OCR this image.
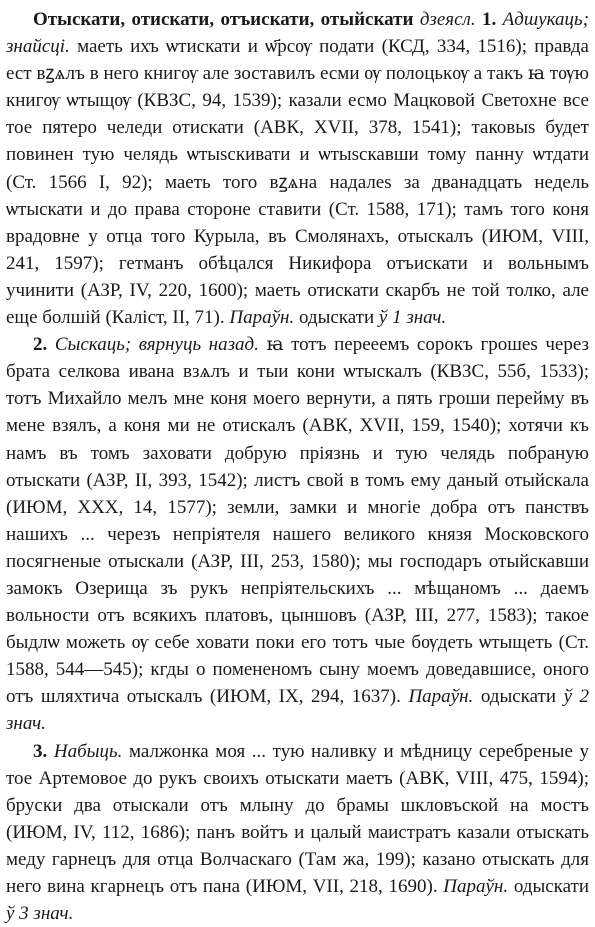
Отыскати, отискати, отъискати, отыйскати дзеясл. 1. Адшукаць; знайсці. маеть ихъ ѡтискати и ѡ҃рсѹ подати (КСД, 334, 1516); правда ест вꙁѧлъ в него книгѹ але зоставилъ есми ѹ полоцькѹ а такъ ꙗ тѹю книгѹ ѡтыщѹ (КВЗС, 94, 1539); казали есмо Мацковой Светохне все тое пятеро челеди отискати (АВК, XVII, 378, 1541); таковыs будет повинен тую челядь ѡтыsскивати и ѡтыsскавши тому панну ѡтдати (Ст. 1566 I, 92); маеть того вꙁѧна надалеs за дванадцать недель ѡтыскати и до права стороне ставити (Ст. 1588, 171); тамъ того коня врадовне у отца того Курыла, въ Смолянахъ, отыскалъ (ИЮМ, VIII, 241, 1597); гетманъ обѣцался Никифора отъискати и вольнымъ учинити (АЗР, IV, 220, 1600); маеть отискати скарбъ не той толко, але еще болшій (Каліст, II, 71). Параўн. одыскати ў 1 знач.

2. Сыскаць; вярнуць назад. ꙗ тотъ перееемъ сорокъ грошеs через брата селкова ивана взѧлъ и тыи кони ѡтыскалъ (КВЗС, 55б, 1533); тотъ Михайло мелъ мне коня моего вернути, а пять гроши перейму въ мене взялъ, а коня ми не отискалъ (АВК, XVII, 159, 1540); хотячи къ намъ въ томъ заховати добрую пріязнь и тую челядь побраную отыскати (АЗР, II, 393, 1542); листъ свой в томъ ему даный отыйскала (ИЮМ, XXX, 14, 1577); земли, замки и многіе добра отъ панствъ нашихъ ... черезъ непріятеля нашего великого князя Московского посягненые отыскали (АЗР, III, 253, 1580); мы господаръ отыйскавши замокъ Озерища зъ рукъ непріятельскихъ ... мѣщаномъ ... даемъ вольности отъ всякихъ платовъ, цыншовъ (АЗР, III, 277, 1583); такое быдлѡ можеть ѹ себе ховати поки его тотъ чые бѹдеть ѡтыщеть (Ст. 1588, 544—545); кгды о помененомъ сыну моемъ доведавшисе, оного отъ шляхтича отыскалъ (ИЮМ, IX, 294, 1637). Параўн. одыскати ў 2 знач.

3. Набыць. малжонка моя ... тую наливку и мѣдницу серебреные у тое Артемовое до рукъ своихъ отыскати маетъ (АВК, VIII, 475, 1594); бруски два отыскали отъ млыну до брамы шкловъской на мостъ (ИЮМ, IV, 112, 1686); панъ войтъ и цалый маистратъ казали отыскать меду гарнецъ для отца Волчаскаго (Там жа, 199); казано отыскать для него вина кгарнецъ отъ пана (ИЮМ, VII, 218, 1690). Параўн. одыскати ў 3 знач.
